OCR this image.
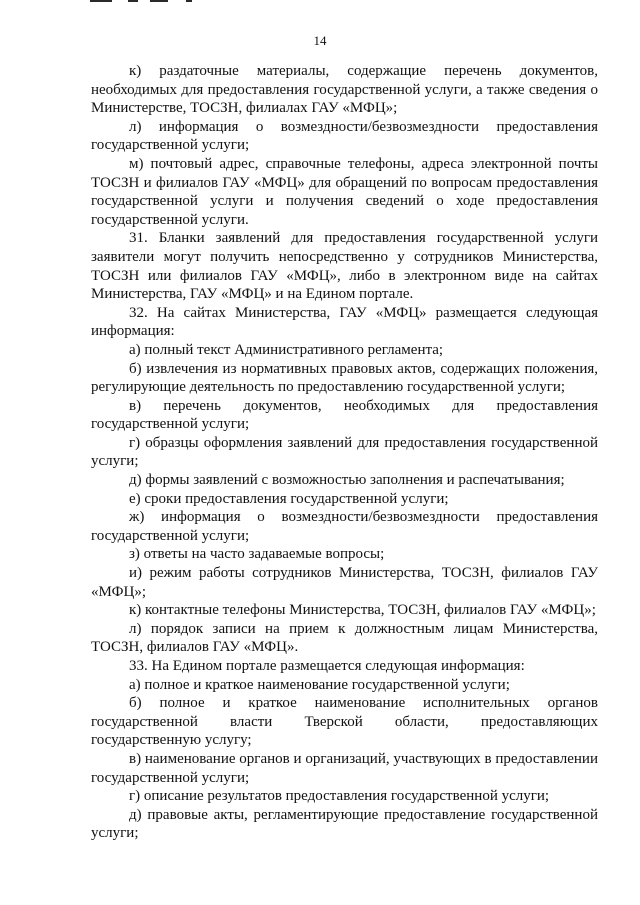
14

к) раздаточные материалы, содержащие перечень документов, необходимых для предоставления государственной услуги, а также сведения о Министерстве, ТОСЗН, филиалах ГАУ «МФЦ»;

л) информация о возмездности/безвозмездности предоставления государственной услуги;

м) почтовый адрес, справочные телефоны, адреса электронной почты ТОСЗН и филиалов ГАУ «МФЦ» для обращений по вопросам предоставления государственной услуги и получения сведений о ходе предоставления государственной услуги.

31. Бланки заявлений для предоставления государственной услуги заявители могут получить непосредственно у сотрудников Министерства, ТОСЗН или филиалов ГАУ «МФЦ», либо в электронном виде на сайтах Министерства, ГАУ «МФЦ» и на Едином портале.

32. На сайтах Министерства, ГАУ «МФЦ» размещается следующая информация:

а) полный текст Административного регламента;

б) извлечения из нормативных правовых актов, содержащих положения, регулирующие деятельность по предоставлению государственной услуги;

в) перечень документов, необходимых для предоставления государственной услуги;

г) образцы оформления заявлений для предоставления государственной услуги;

д) формы заявлений с возможностью заполнения и распечатывания;

е) сроки предоставления государственной услуги;

ж) информация о возмездности/безвозмездности предоставления государственной услуги;

з) ответы на часто задаваемые вопросы;

и) режим работы сотрудников Министерства, ТОСЗН, филиалов ГАУ «МФЦ»;

к) контактные телефоны Министерства, ТОСЗН, филиалов ГАУ «МФЦ»;

л) порядок записи на прием к должностным лицам Министерства, ТОСЗН, филиалов ГАУ «МФЦ».

33. На Едином портале размещается следующая информация:

а) полное и краткое наименование государственной услуги;

б) полное и краткое наименование исполнительных органов государственной власти Тверской области, предоставляющих государственную услугу;

в) наименование органов и организаций, участвующих в предоставлении государственной услуги;

г) описание результатов предоставления государственной услуги;

д) правовые акты, регламентирующие предоставление государственной услуги;
